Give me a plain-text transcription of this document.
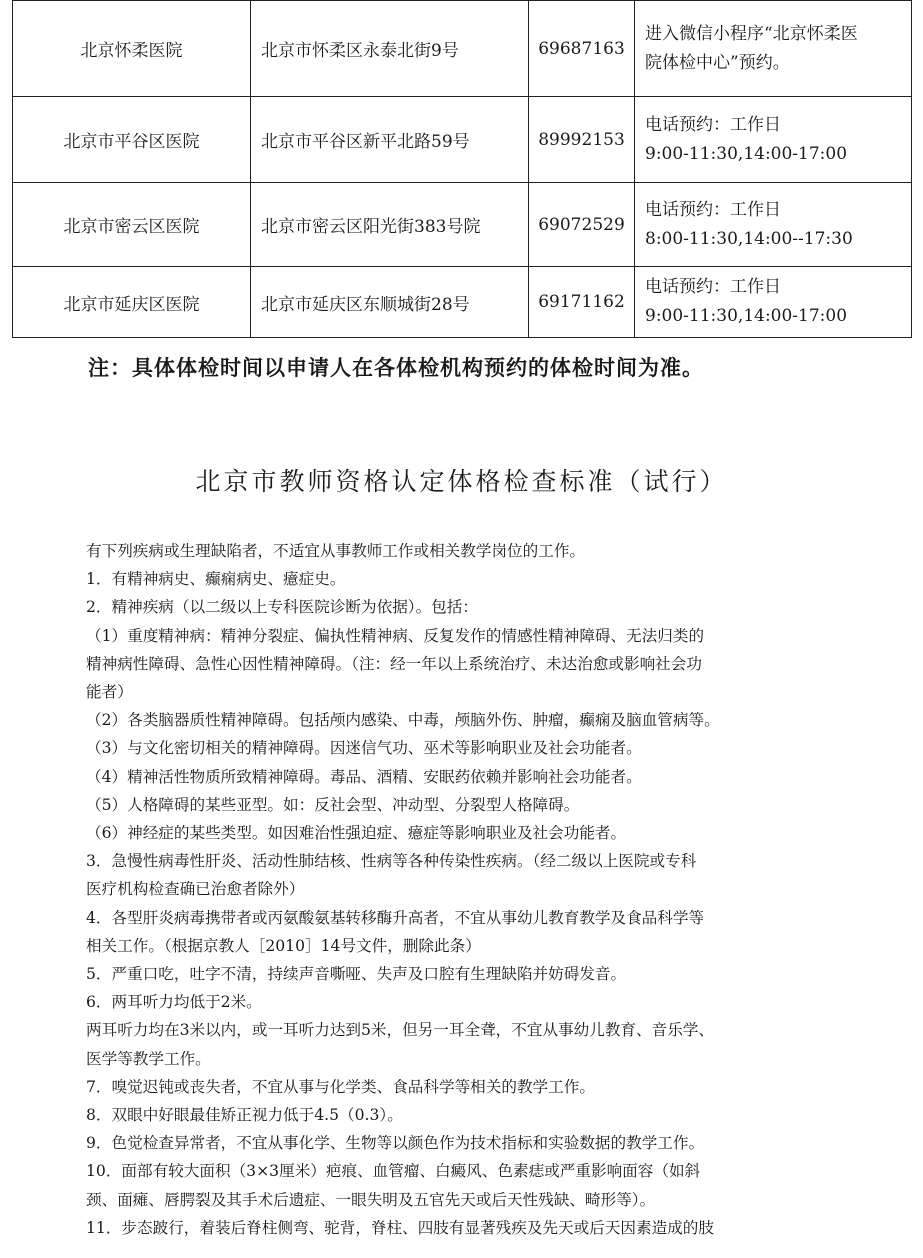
北京怀柔医院	北京市怀柔区永泰北街9号	69687163	进入微信小程序“北京怀柔医
院体检中心”预约。

北京市平谷区医院	北京市平谷区新平北路59号	89992153	电话预约：工作日
9:00-11:30,14:00-17:00

北京市密云区医院	北京市密云区阳光街383号院	69072529	电话预约：工作日
8:00-11:30,14:00--17:30

北京市延庆区医院	北京市延庆区东顺城街28号	69171162	电话预约：工作日
9:00-11:30,14:00-17:00
注：具体体检时间以申请人在各体检机构预约的体检时间为准。
北京市教师资格认定体格检查标准（试行）

有下列疾病或生理缺陷者，不适宜从事教师工作或相关教学岗位的工作。

1．有精神病史、癫痫病史、癔症史。

2．精神疾病（以二级以上专科医院诊断为依据）。包括：

（1）重度精神病：精神分裂症、偏执性精神病、反复发作的情感性精神障碍、无法归类的

精神病性障碍、急性心因性精神障碍。（注：经一年以上系统治疗、未达治愈或影响社会功

能者）

（2）各类脑器质性精神障碍。包括颅内感染、中毒，颅脑外伤、肿瘤，癫痫及脑血管病等。

（3）与文化密切相关的精神障碍。因迷信气功、巫术等影响职业及社会功能者。

（4）精神活性物质所致精神障碍。毒品、酒精、安眠药依赖并影响社会功能者。

（5）人格障碍的某些亚型。如：反社会型、冲动型、分裂型人格障碍。

（6）神经症的某些类型。如因难治性强迫症、癔症等影响职业及社会功能者。

3．急慢性病毒性肝炎、活动性肺结核、性病等各种传染性疾病。（经二级以上医院或专科

医疗机构检查确已治愈者除外）

4．各型肝炎病毒携带者或丙氨酸氨基转移酶升高者，不宜从事幼儿教育教学及食品科学等

相关工作。（根据京教人［2010］14号文件，删除此条）

5．严重口吃，吐字不清，持续声音嘶哑、失声及口腔有生理缺陷并妨碍发音。

6．两耳听力均低于2米。

两耳听力均在3米以内，或一耳听力达到5米，但另一耳全聋，不宜从事幼儿教育、音乐学、

医学等教学工作。

7．嗅觉迟钝或丧失者，不宜从事与化学类、食品科学等相关的教学工作。

8．双眼中好眼最佳矫正视力低于4.5（0.3）。

9．色觉检查异常者，不宜从事化学、生物等以颜色作为技术指标和实验数据的教学工作。

10．面部有较大面积（3×3厘米）疤痕、血管瘤、白癜风、色素痣或严重影响面容（如斜

颈、面瘫、唇腭裂及其手术后遗症、一眼失明及五官先天或后天性残缺、畸形等）。

11．步态跛行，着装后脊柱侧弯、驼背，脊柱、四肢有显著残疾及先天或后天因素造成的肢
